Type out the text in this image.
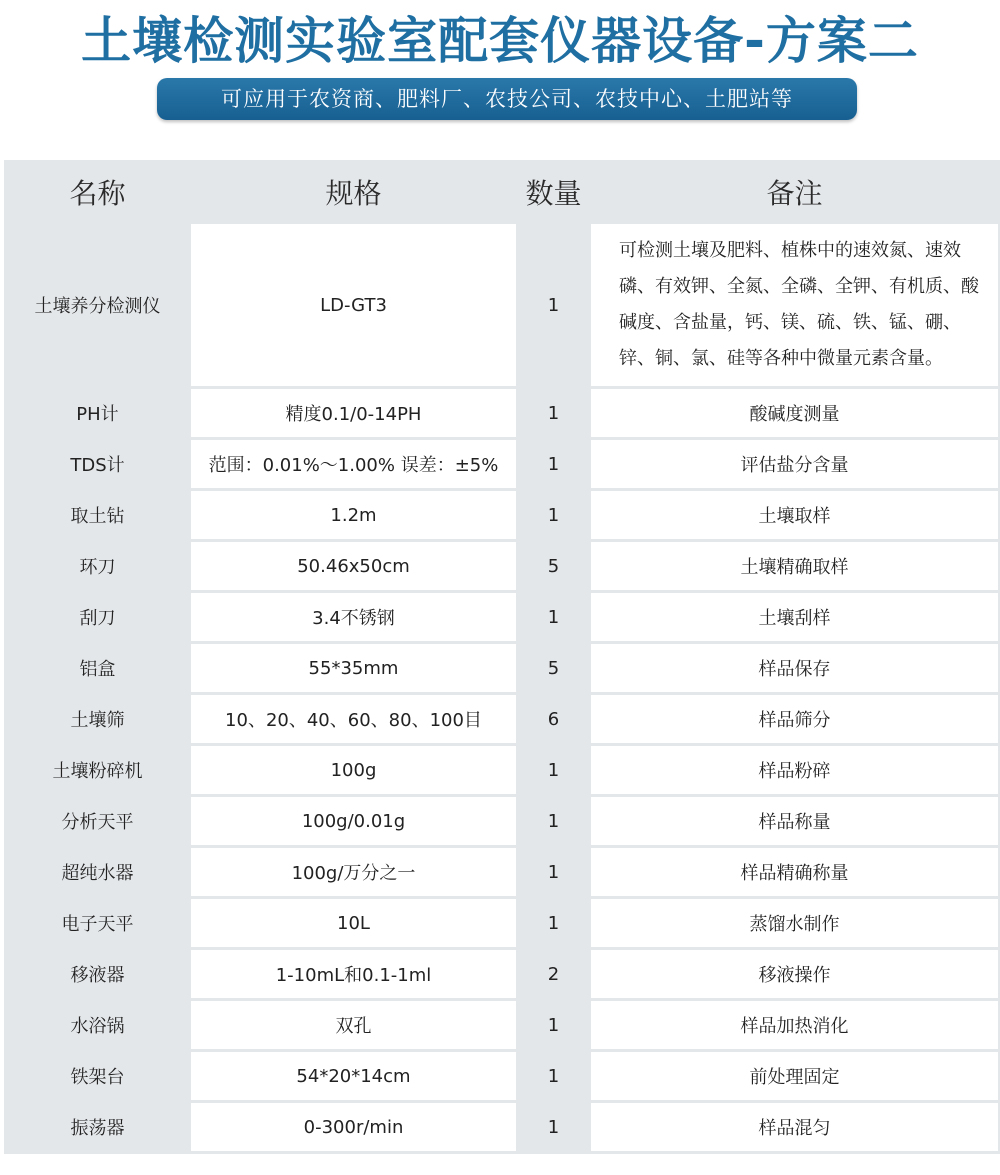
土壤检测实验室配套仪器设备-方案二
可应用于农资商、肥料厂、农技公司、农技中心、土肥站等
名称	规格	数量	备注
土壤养分检测仪	LD-GT3	1	可检测土壤及肥料、植株中的速效氮、速效磷、有效钾、全氮、全磷、全钾、有机质、酸碱度、含盐量，钙、镁、硫、铁、锰、硼、锌、铜、氯、硅等各种中微量元素含量。
PH计	精度0.1/0-14PH	1	酸碱度测量
TDS计	范围：0.01%～1.00% 误差：±5%	1	评估盐分含量
取土钻	1.2m	1	土壤取样
环刀	50.46x50cm	5	土壤精确取样
刮刀	3.4不锈钢	1	土壤刮样
铝盒	55*35mm	5	样品保存
土壤筛	10、20、40、60、80、100目	6	样品筛分
土壤粉碎机	100g	1	样品粉碎
分析天平	100g/0.01g	1	样品称量
超纯水器	100g/万分之一	1	样品精确称量
电子天平	10L	1	蒸馏水制作
移液器	1-10mL和0.1-1ml	2	移液操作
水浴锅	双孔	1	样品加热消化
铁架台	54*20*14cm	1	前处理固定
振荡器	0-300r/min	1	样品混匀
